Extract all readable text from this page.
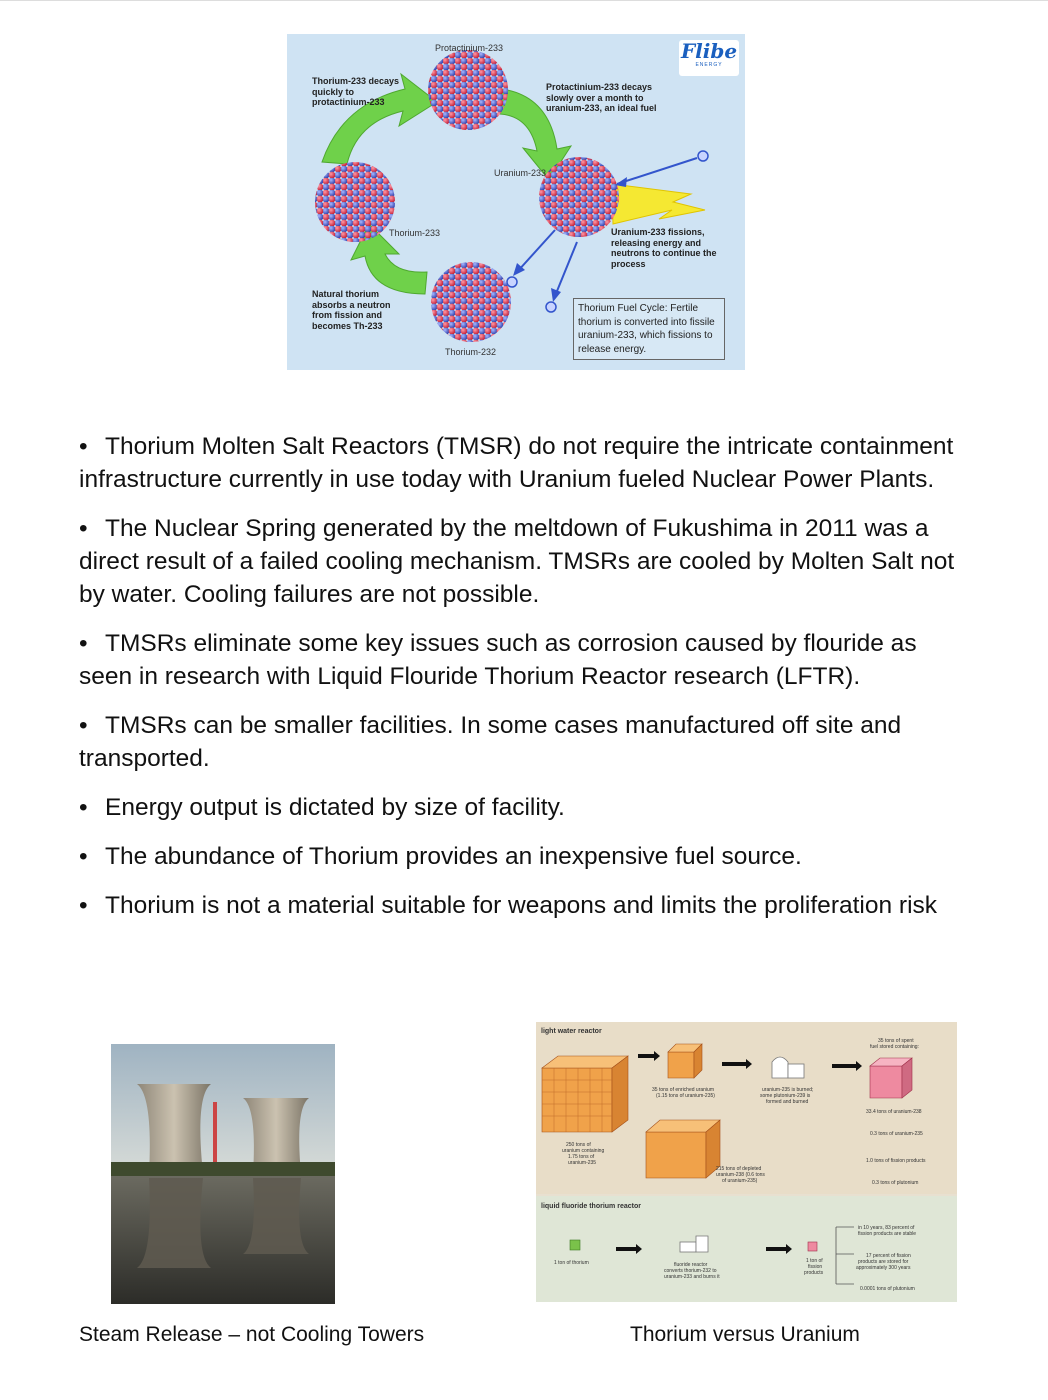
Flibe
ENERGY
Protactinium-233
Uranium-233
Thorium-233
Thorium-232
Thorium-233 decays quickly to protactinium-233
Protactinium-233 decays slowly over a month to uranium-233, an ideal fuel
Uranium-233 fissions, releasing energy and neutrons to continue the process
Natural thorium absorbs a neutron from fission and becomes Th-233
Thorium Fuel Cycle: Fertile thorium is converted into fissile uranium-233, which fissions to release energy.
• Thorium Molten Salt Reactors (TMSR) do not require the intricate containment infrastructure currently in use today with Uranium fueled Nuclear Power Plants.
• The Nuclear Spring generated by the meltdown of Fukushima in 2011 was a direct result of a failed cooling mechanism. TMSRs are cooled by Molten Salt not by water. Cooling failures are not possible.
• TMSRs eliminate some key issues such as corrosion caused by flouride as seen in research with Liquid Flouride Thorium Reactor research (LFTR).
• TMSRs can be smaller facilities. In some cases manufactured off site and transported.
• Energy output is dictated by size of facility.
• The abundance of Thorium provides an inexpensive fuel source.
• Thorium is not a material suitable for weapons and limits the proliferation risk
light water reactor
liquid fluoride thorium reactor
250 tons of uranium containing 1.75 tons of uranium-235
35 tons of enriched uranium (1.15 tons of uranium-235)
uranium-235 is burned; some plutonium-239 is formed and burned
35 tons of spent fuel stored containing:
33.4 tons of uranium-238
0.3 tons of uranium-235
1.0 tons of fission products
0.3 tons of plutonium
215 tons of depleted uranium-238 (0.6 tons of uranium-235)
1 ton of thorium	fluoride reactor converts thorium-232 to uranium-233 and burns it
1 ton of fission products
in 10 years, 83 percent of fission products are stable
17 percent of fission products are stored for approximately 300 years
0.0001 tons of plutonium
Steam Release – not Cooling Towers	Thorium versus Uranium
